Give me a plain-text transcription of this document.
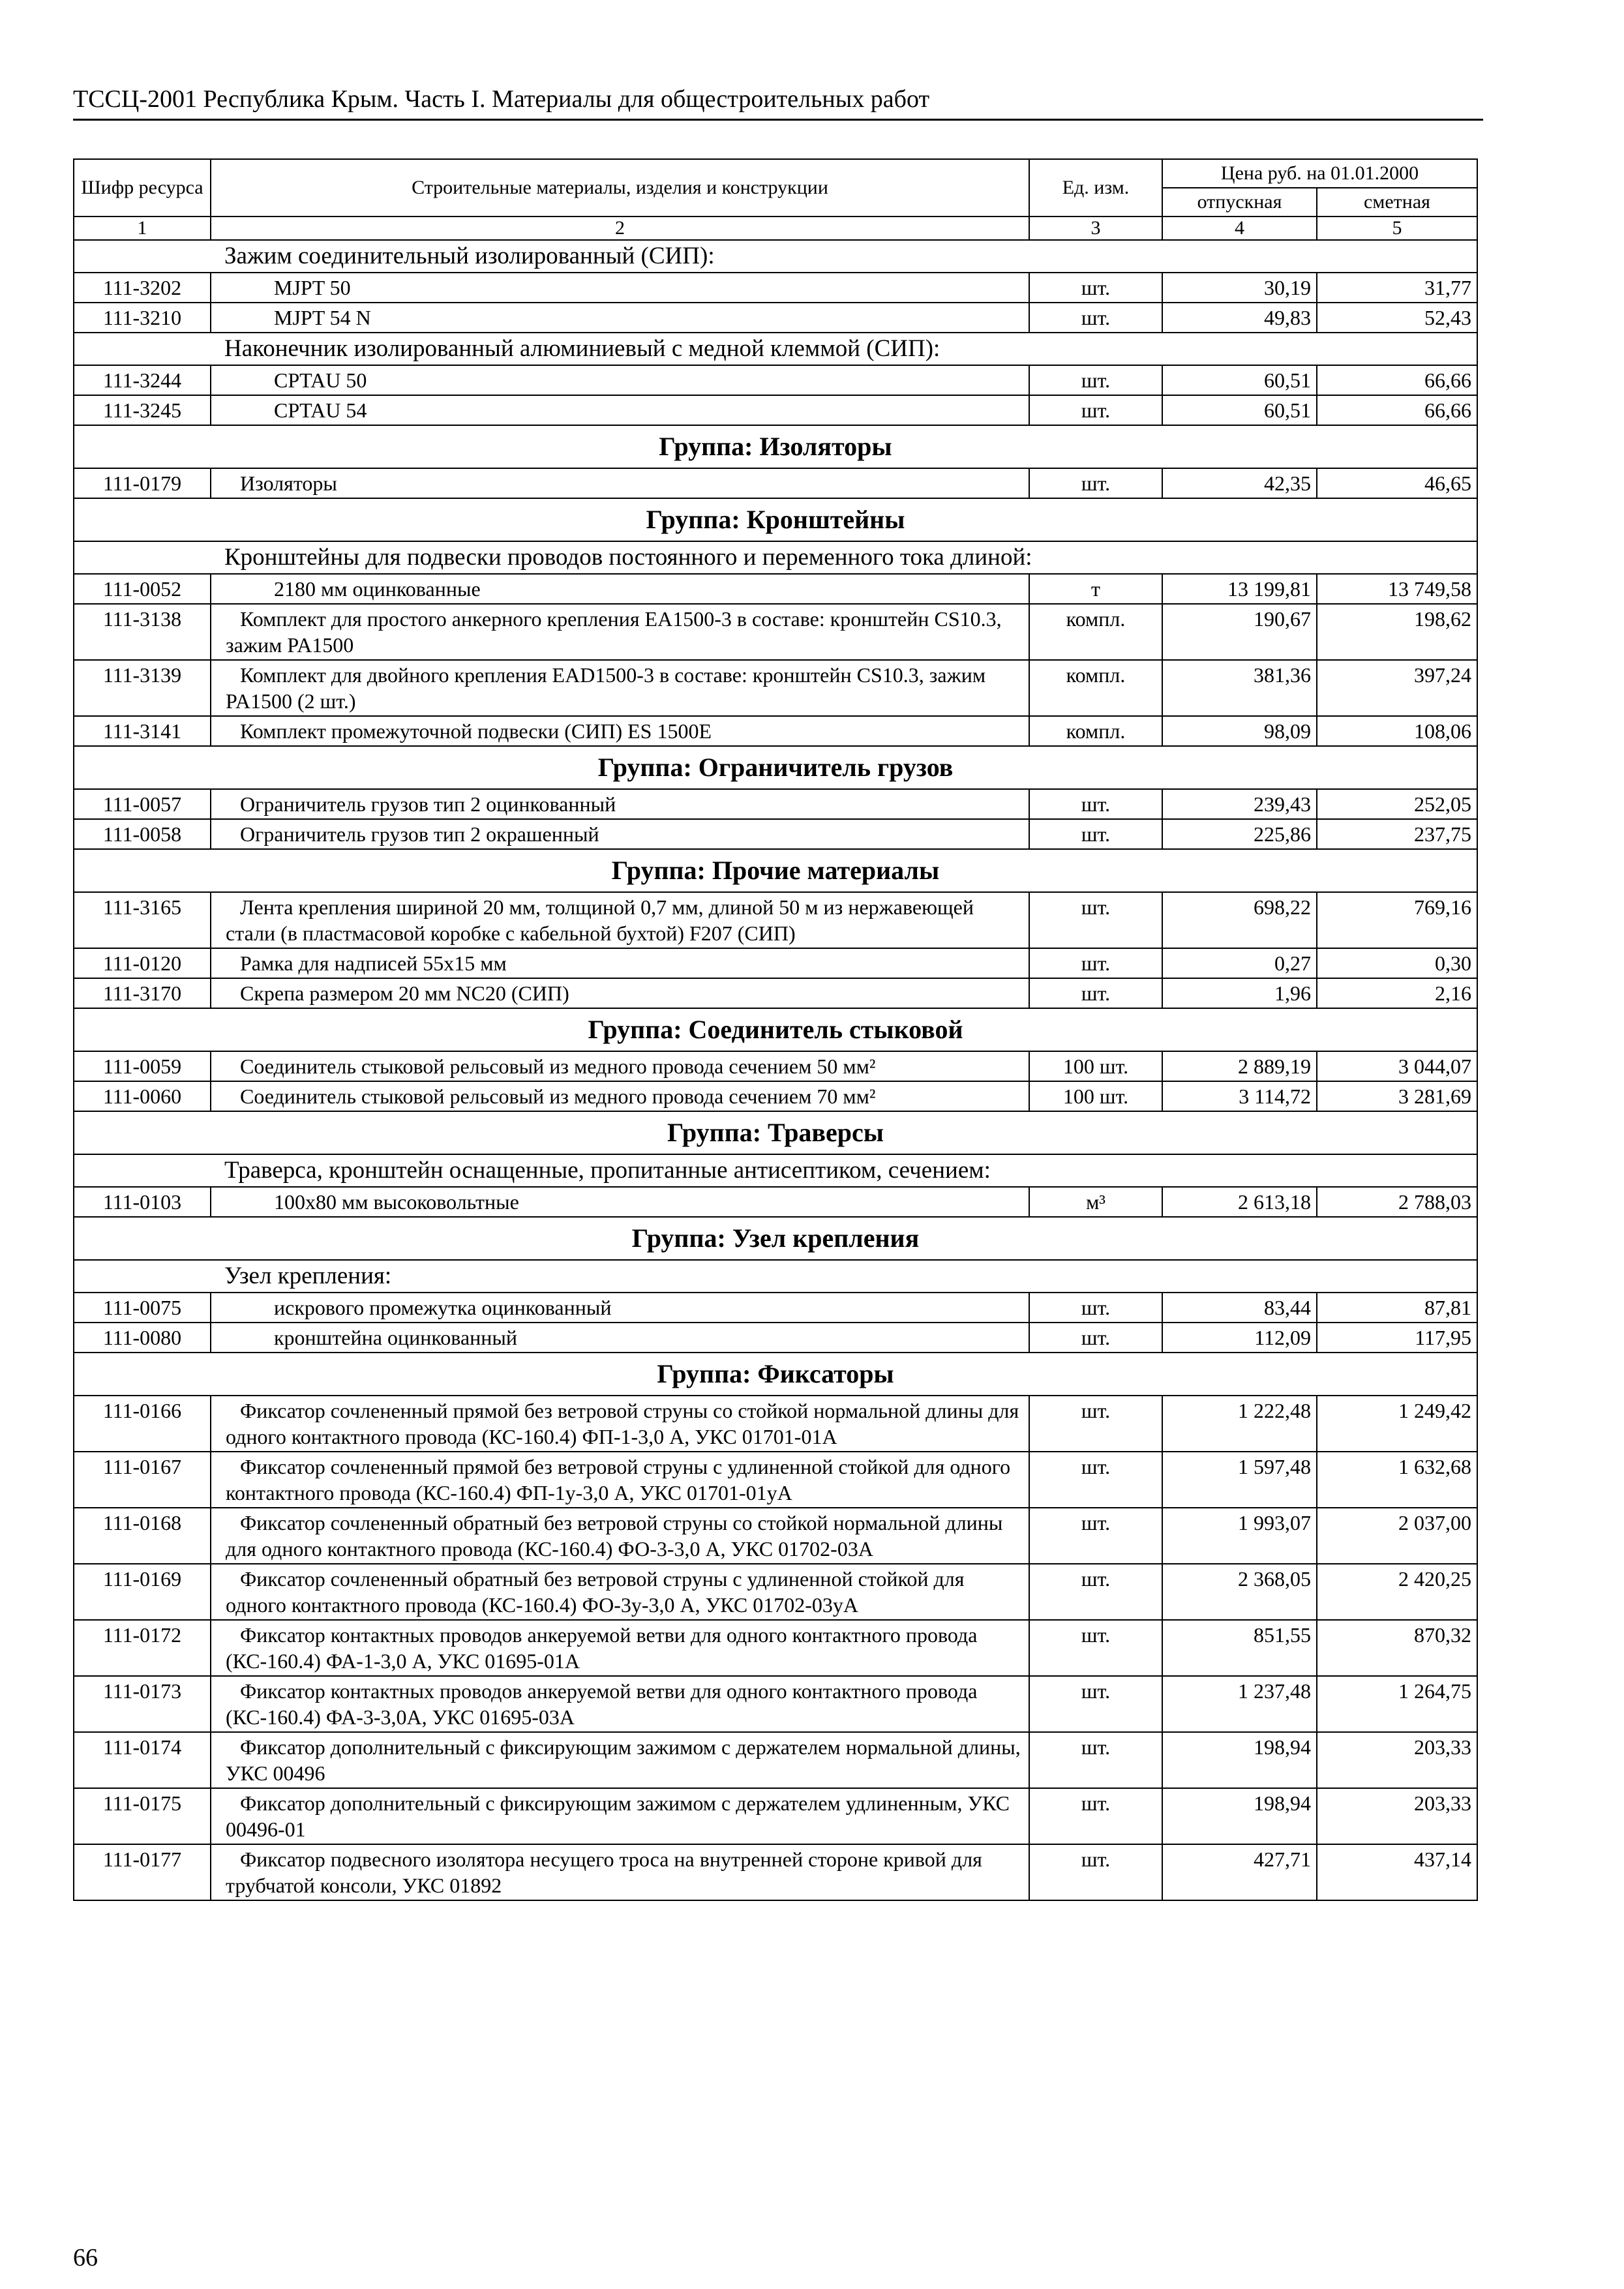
ТССЦ-2001 Республика Крым. Часть I. Материалы для общестроительных работ
Шифр ресурса	Строительные материалы, изделия и конструкции	Ед. изм.	Цена руб. на 01.01.2000	
			отпускная	сметная
1	2	3	4	5
Зажим соединительный изолированный (СИП):				
111-3202	MJPT 50	шт.	30,19	31,77
111-3210	MJPT 54 N	шт.	49,83	52,43
Наконечник изолированный алюминиевый с медной клеммой (СИП):				
111-3244	CPTAU 50	шт.	60,51	66,66
111-3245	CPTAU 54	шт.	60,51	66,66
Группа: Изоляторы				
111-0179	Изоляторы	шт.	42,35	46,65
Группа: Кронштейны				
Кронштейны для подвески проводов постоянного и переменного тока длиной:				
111-0052	2180 мм оцинкованные	т	13 199,81	13 749,58
111-3138	Комплект для простого анкерного крепления EA1500-3 в составе: кронштейн CS10.3, зажим PA1500	компл.	190,67	198,62
111-3139	Комплект для двойного крепления EAD1500-3 в составе: кронштейн CS10.3, зажим PA1500 (2 шт.)	компл.	381,36	397,24
111-3141	Комплект промежуточной подвески (СИП) ES 1500E	компл.	98,09	108,06
Группа: Ограничитель грузов				
111-0057	Ограничитель грузов тип 2 оцинкованный	шт.	239,43	252,05
111-0058	Ограничитель грузов тип 2 окрашенный	шт.	225,86	237,75
Группа: Прочие материалы				
111-3165	Лента крепления шириной 20 мм, толщиной 0,7 мм, длиной 50 м из нержавеющей стали (в пластмасовой коробке с кабельной бухтой) F207 (СИП)	шт.	698,22	769,16
111-0120	Рамка для надписей 55х15 мм	шт.	0,27	0,30
111-3170	Скрепа размером 20 мм NC20 (СИП)	шт.	1,96	2,16
Группа: Соединитель стыковой				
111-0059	Соединитель стыковой рельсовый из медного провода сечением 50 мм²	100 шт.	2 889,19	3 044,07
111-0060	Соединитель стыковой рельсовый из медного провода сечением 70 мм²	100 шт.	3 114,72	3 281,69
Группа: Траверсы				
Траверса, кронштейн оснащенные, пропитанные антисептиком, сечением:				
111-0103	100х80 мм высоковольтные	м³	2 613,18	2 788,03
Группа: Узел крепления				
Узел крепления:				
111-0075	искрового промежутка оцинкованный	шт.	83,44	87,81
111-0080	кронштейна оцинкованный	шт.	112,09	117,95
Группа: Фиксаторы				
111-0166	Фиксатор сочлененный прямой без ветровой струны со стойкой нормальной длины для одного контактного провода (КС-160.4) ФП-1-3,0 А, УКС 01701-01А	шт.	1 222,48	1 249,42
111-0167	Фиксатор сочлененный прямой без ветровой струны с удлиненной стойкой для одного контактного провода (КС-160.4) ФП-1у-3,0 А, УКС 01701-01уА	шт.	1 597,48	1 632,68
111-0168	Фиксатор сочлененный обратный без ветровой струны со стойкой нормальной длины для одного контактного провода (КС-160.4) ФО-3-3,0 А, УКС 01702-03А	шт.	1 993,07	2 037,00
111-0169	Фиксатор сочлененный обратный без ветровой струны с удлиненной стойкой для одного контактного провода (КС-160.4) ФО-3у-3,0 А, УКС 01702-03уА	шт.	2 368,05	2 420,25
111-0172	Фиксатор контактных проводов анкеруемой ветви для одного контактного провода (КС-160.4) ФА-1-3,0 А, УКС 01695-01А	шт.	851,55	870,32
111-0173	Фиксатор контактных проводов анкеруемой ветви для одного контактного провода (КС-160.4) ФА-3-3,0А, УКС 01695-03А	шт.	1 237,48	1 264,75
111-0174	Фиксатор дополнительный с фиксирующим зажимом с держателем нормальной длины, УКС 00496	шт.	198,94	203,33
111-0175	Фиксатор дополнительный с фиксирующим зажимом с держателем удлиненным, УКС 00496-01	шт.	198,94	203,33
111-0177	Фиксатор подвесного изолятора несущего троса на внутренней стороне кривой для трубчатой консоли, УКС 01892	шт.	427,71	437,14
66
